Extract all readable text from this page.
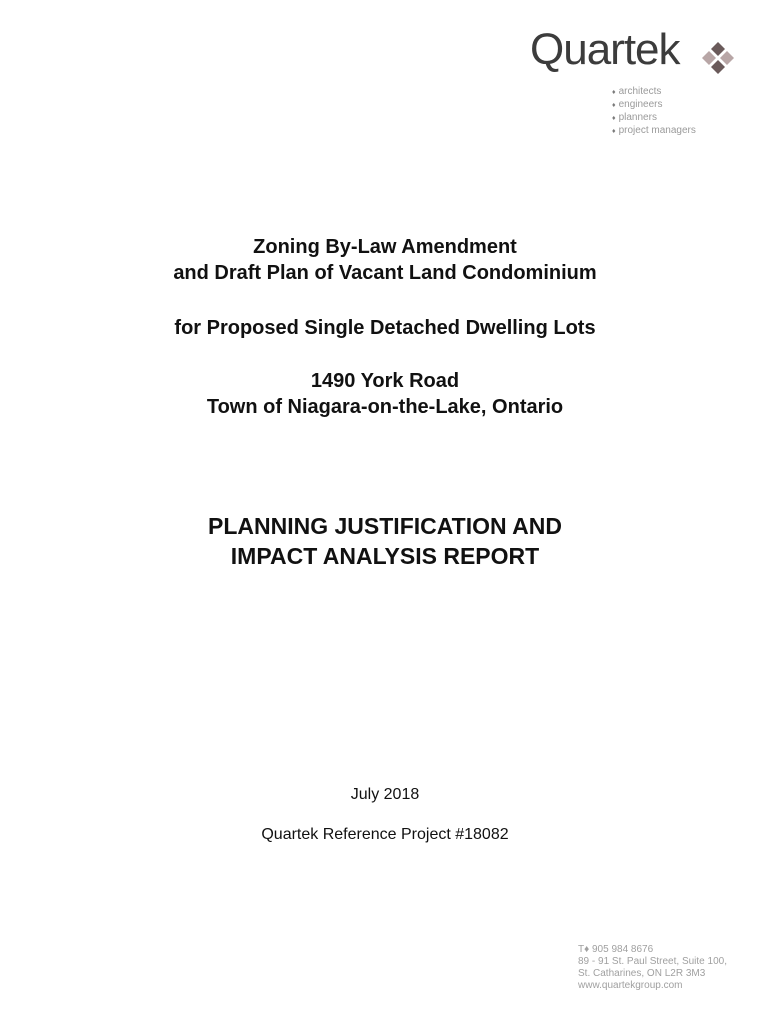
Quartek
♦ architects
♦ engineers
♦ planners
♦ project managers
Zoning By-Law Amendment
and Draft Plan of Vacant Land Condominium
for Proposed Single Detached Dwelling Lots
1490 York Road
Town of Niagara-on-the-Lake, Ontario
PLANNING JUSTIFICATION AND
IMPACT ANALYSIS REPORT
July 2018
Quartek Reference Project #18082
T♦ 905 984 8676
89 - 91 St. Paul Street, Suite 100,
St. Catharines, ON L2R 3M3
www.quartekgroup.com
